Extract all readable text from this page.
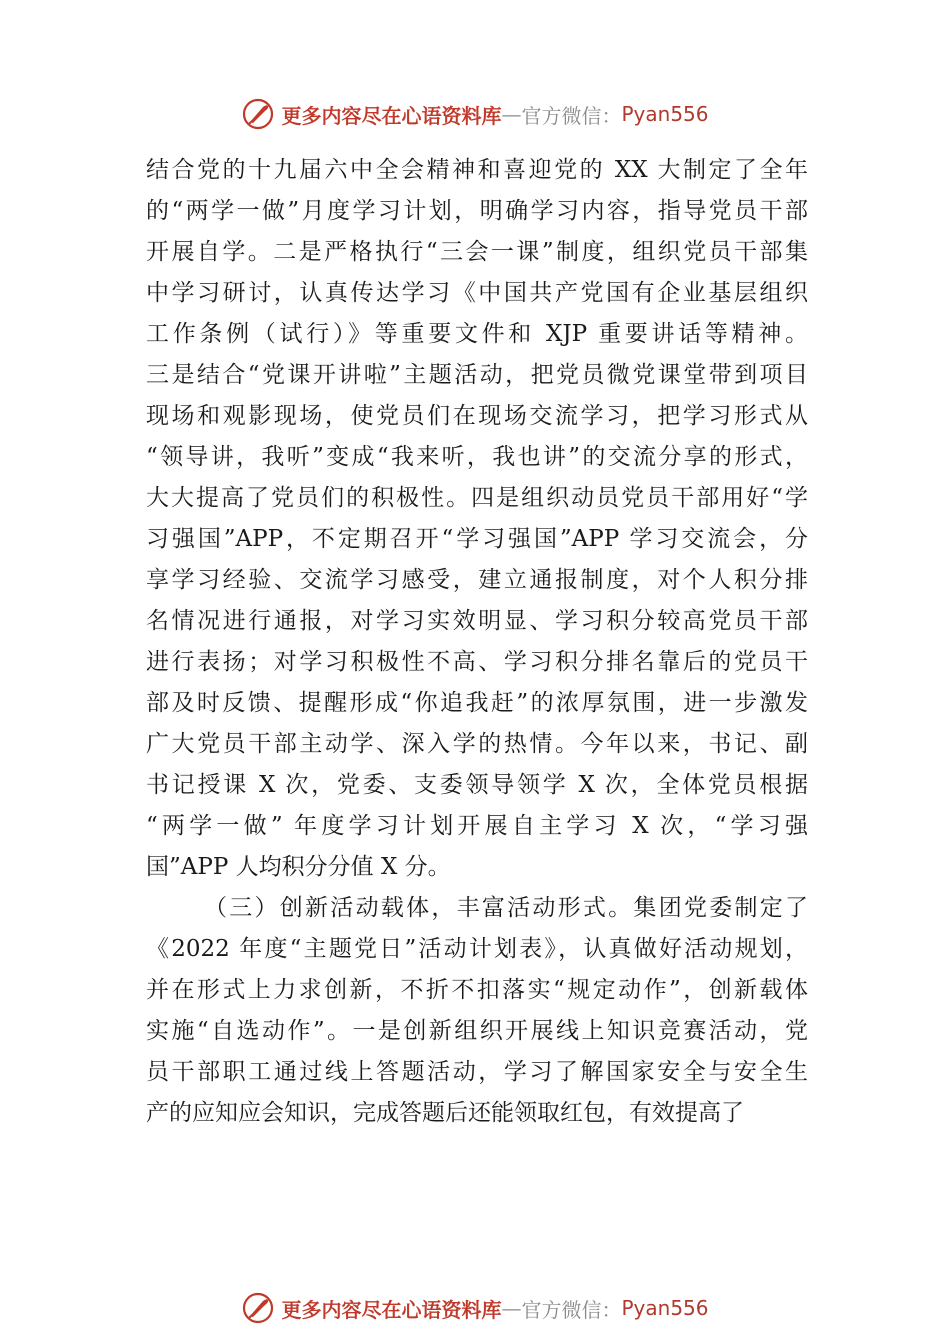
更多内容尽在心语资料库 — 官方微信： Pyan556
结合党的十九届六中全会精神和喜迎党的 XX 大制定了全年
的“两学一做”月度学习计划，明确学习内容，指导党员干部
开展自学。二是严格执行“三会一课”制度，组织党员干部集
中学习研讨，认真传达学习《中国共产党国有企业基层组织
工作条例（试行）》等重要文件和 XJP 重要讲话等精神。
三是结合“党课开讲啦”主题活动，把党员微党课堂带到项目
现场和观影现场，使党员们在现场交流学习，把学习形式从
“领导讲，我听”变成“我来听，我也讲”的交流分享的形式，
大大提高了党员们的积极性。四是组织动员党员干部用好“学
习强国”APP，不定期召开“学习强国”APP 学习交流会，分
享学习经验、交流学习感受，建立通报制度，对个人积分排
名情况进行通报，对学习实效明显、学习积分较高党员干部
进行表扬；对学习积极性不高、学习积分排名靠后的党员干
部及时反馈、提醒形成“你追我赶”的浓厚氛围，进一步激发
广大党员干部主动学、深入学的热情。今年以来，书记、副
书记授课 X 次，党委、支委领导领学 X 次，全体党员根据
“两学一做” 年度学习计划开展自主学习 X 次，“学习强
国”APP 人均积分分值 X 分。
（三）创新活动载体，丰富活动形式。集团党委制定了
《2022 年度“主题党日”活动计划表》，认真做好活动规划，
并在形式上力求创新，不折不扣落实“规定动作”，创新载体
实施“自选动作”。一是创新组织开展线上知识竞赛活动，党
员干部职工通过线上答题活动，学习了解国家安全与安全生
产的应知应会知识，完成答题后还能领取红包，有效提高了
更多内容尽在心语资料库 — 官方微信： Pyan556
